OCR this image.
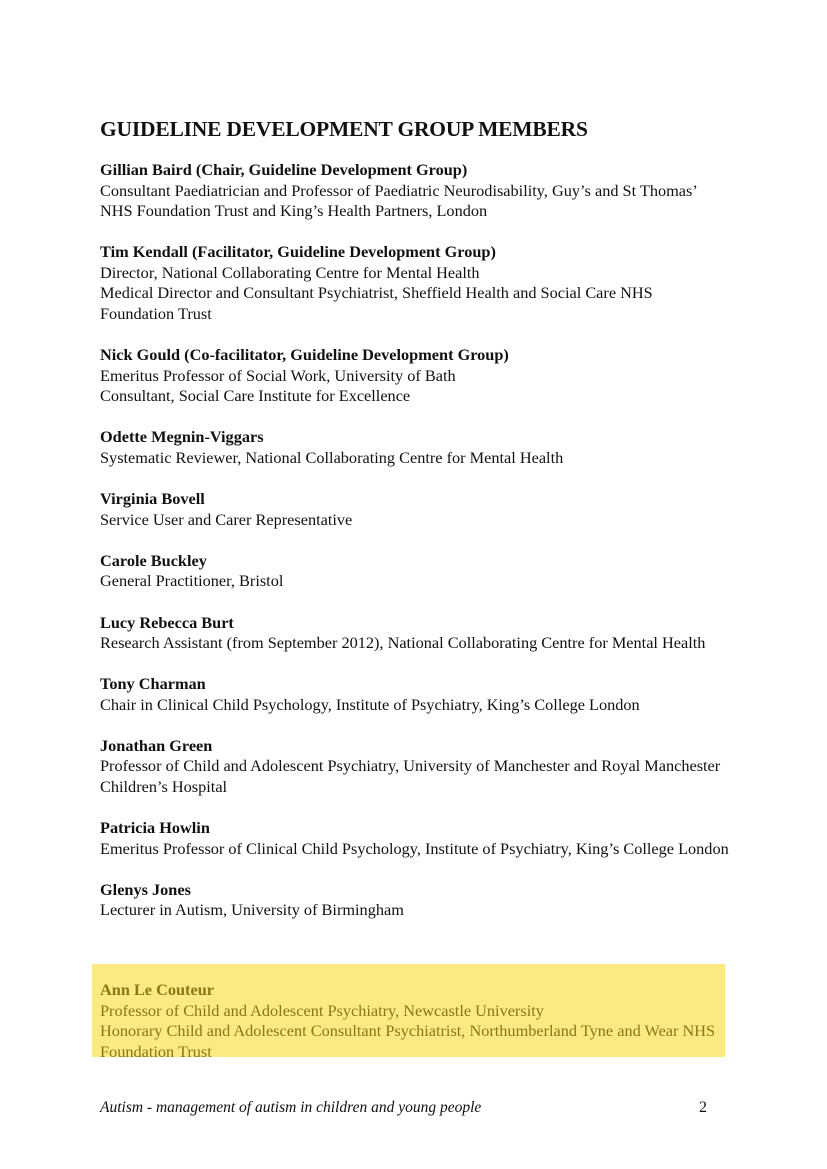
GUIDELINE DEVELOPMENT GROUP MEMBERS
Gillian Baird (Chair, Guideline Development Group)
Consultant Paediatrician and Professor of Paediatric Neurodisability, Guy’s and St Thomas’ NHS Foundation Trust and King’s Health Partners, London
Tim Kendall (Facilitator, Guideline Development Group)
Director, National Collaborating Centre for Mental Health
Medical Director and Consultant Psychiatrist, Sheffield Health and Social Care NHS Foundation Trust
Nick Gould (Co-facilitator, Guideline Development Group)
Emeritus Professor of Social Work, University of Bath
Consultant, Social Care Institute for Excellence
Odette Megnin-Viggars
Systematic Reviewer, National Collaborating Centre for Mental Health
Virginia Bovell
Service User and Carer Representative
Carole Buckley
General Practitioner, Bristol
Lucy Rebecca Burt
Research Assistant (from September 2012), National Collaborating Centre for Mental Health
Tony Charman
Chair in Clinical Child Psychology, Institute of Psychiatry, King’s College London
Jonathan Green
Professor of Child and Adolescent Psychiatry, University of Manchester and Royal Manchester Children’s Hospital
Patricia Howlin
Emeritus Professor of Clinical Child Psychology, Institute of Psychiatry, King’s College London
Glenys Jones
Lecturer in Autism, University of Birmingham
Ann Le Couteur
Professor of Child and Adolescent Psychiatry, Newcastle University
Honorary Child and Adolescent Consultant Psychiatrist, Northumberland Tyne and Wear NHS Foundation Trust
Autism - management of autism in children and young people	2
